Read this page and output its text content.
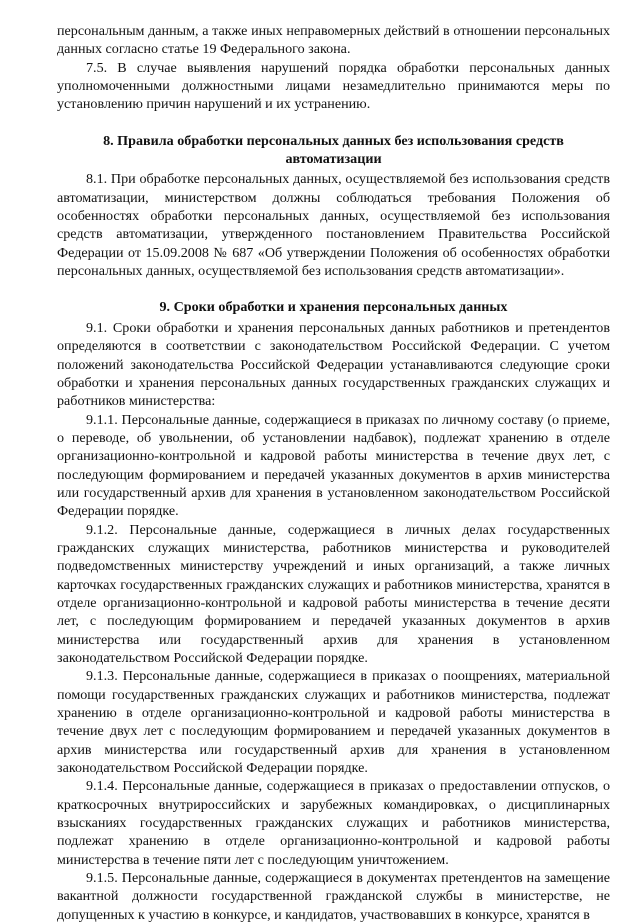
персональным данным, а также иных неправомерных действий в отношении персональных данных согласно статье 19 Федерального закона.

7.5. В случае выявления нарушений порядка обработки персональных данных уполномоченными должностными лицами незамедлительно принимаются меры по установлению причин нарушений и их устранению.

8. Правила обработки персональных данных без использования средств автоматизации

8.1. При обработке персональных данных, осуществляемой без использования средств автоматизации, министерством должны соблюдаться требования Положения об особенностях обработки персональных данных, осуществляемой без использования средств автоматизации, утвержденного постановлением Правительства Российской Федерации от 15.09.2008 № 687 «Об утверждении Положения об особенностях обработки персональных данных, осуществляемой без использования средств автоматизации».

9. Сроки обработки и хранения персональных данных

9.1. Сроки обработки и хранения персональных данных работников и претендентов определяются в соответствии с законодательством Российской Федерации. С учетом положений законодательства Российской Федерации устанавливаются следующие сроки обработки и хранения персональных данных государственных гражданских служащих и работников министерства:

9.1.1. Персональные данные, содержащиеся в приказах по личному составу (о приеме, о переводе, об увольнении, об установлении надбавок), подлежат хранению в отделе организационно-контрольной и кадровой работы министерства в течение двух лет, с последующим формированием и передачей указанных документов в архив министерства или государственный архив для хранения в установленном законодательством Российской Федерации порядке.

9.1.2. Персональные данные, содержащиеся в личных делах государственных гражданских служащих министерства, работников министерства и руководителей подведомственных министерству учреждений и иных организаций, а также личных карточках государственных гражданских служащих и работников министерства, хранятся в отделе организационно-контрольной и кадровой работы министерства в течение десяти лет, с последующим формированием и передачей указанных документов в архив министерства или государственный архив для хранения в установленном законодательством Российской Федерации порядке.

9.1.3. Персональные данные, содержащиеся в приказах о поощрениях, материальной помощи государственных гражданских служащих и работников министерства, подлежат хранению в отделе организационно-контрольной и кадровой работы министерства в течение двух лет с последующим формированием и передачей указанных документов в архив министерства или государственный архив для хранения в установленном законодательством Российской Федерации порядке.

9.1.4. Персональные данные, содержащиеся в приказах о предоставлении отпусков, о краткосрочных внутрироссийских и зарубежных командировках, о дисциплинарных взысканиях государственных гражданских служащих и работников министерства, подлежат хранению в отделе организационно-контрольной и кадровой работы министерства в течение пяти лет с последующим уничтожением.

9.1.5. Персональные данные, содержащиеся в документах претендентов на замещение вакантной должности государственной гражданской службы в министерстве, не допущенных к участию в конкурсе, и кандидатов, участвовавших в конкурсе, хранятся в
